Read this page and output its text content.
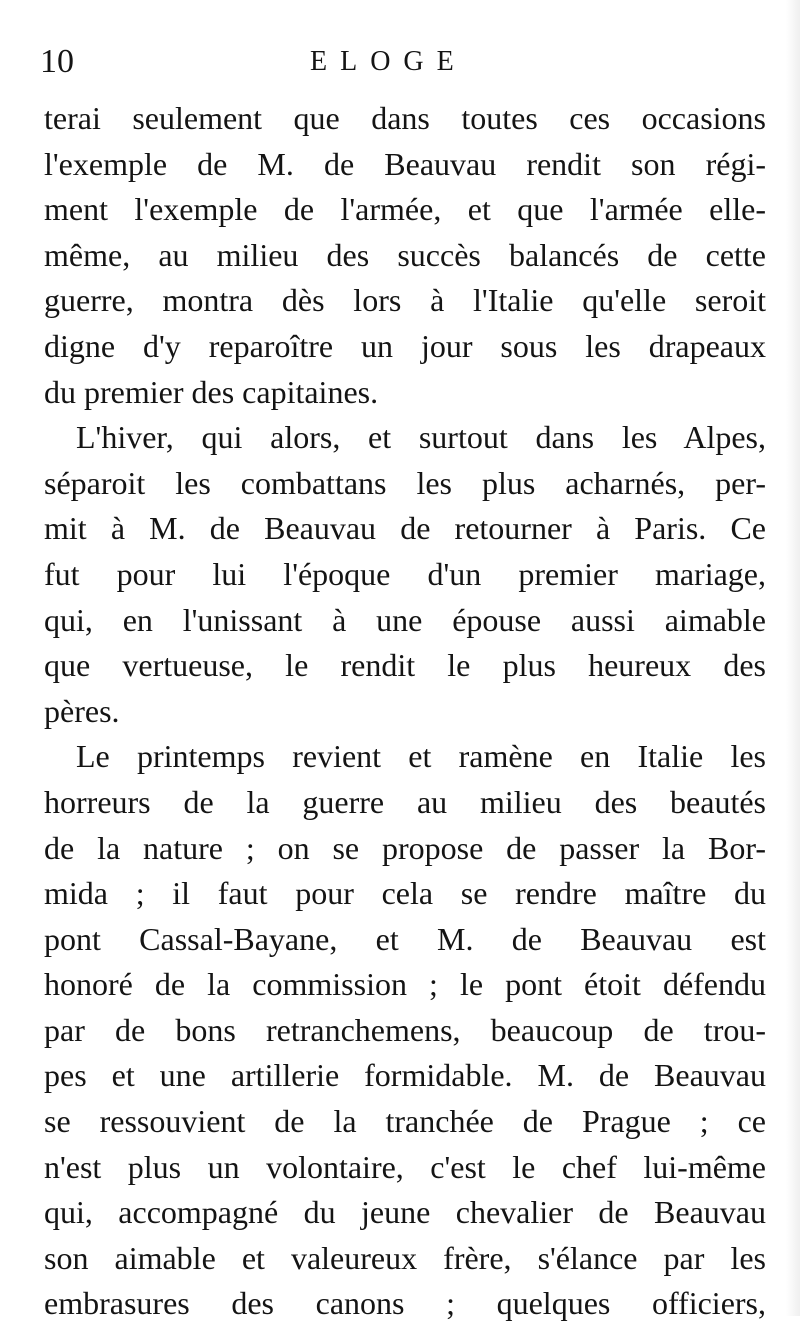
10	ELOGE
terai seulement que dans toutes ces occasions
l'exemple de M. de Beauvau rendit son régi-
ment l'exemple de l'armée, et que l'armée elle-
même, au milieu des succès balancés de cette
guerre, montra dès lors à l'Italie qu'elle seroit
digne d'y reparoître un jour sous les drapeaux
du premier des capitaines.
L'hiver, qui alors, et surtout dans les Alpes,
séparoit les combattans les plus acharnés, per-
mit à M. de Beauvau de retourner à Paris. Ce
fut pour lui l'époque d'un premier mariage,
qui, en l'unissant à une épouse aussi aimable
que vertueuse, le rendit le plus heureux des
pères.
Le printemps revient et ramène en Italie les
horreurs de la guerre au milieu des beautés
de la nature ; on se propose de passer la Bor-
mida ; il faut pour cela se rendre maître du
pont Cassal-Bayane, et M. de Beauvau est
honoré de la commission ; le pont étoit défendu
par de bons retranchemens, beaucoup de trou-
pes et une artillerie formidable. M. de Beauvau
se ressouvient de la tranchée de Prague ; ce
n'est plus un volontaire, c'est le chef lui-même
qui, accompagné du jeune chevalier de Beauvau
son aimable et valeureux frère, s'élance par les
embrasures des canons ; quelques officiers,
